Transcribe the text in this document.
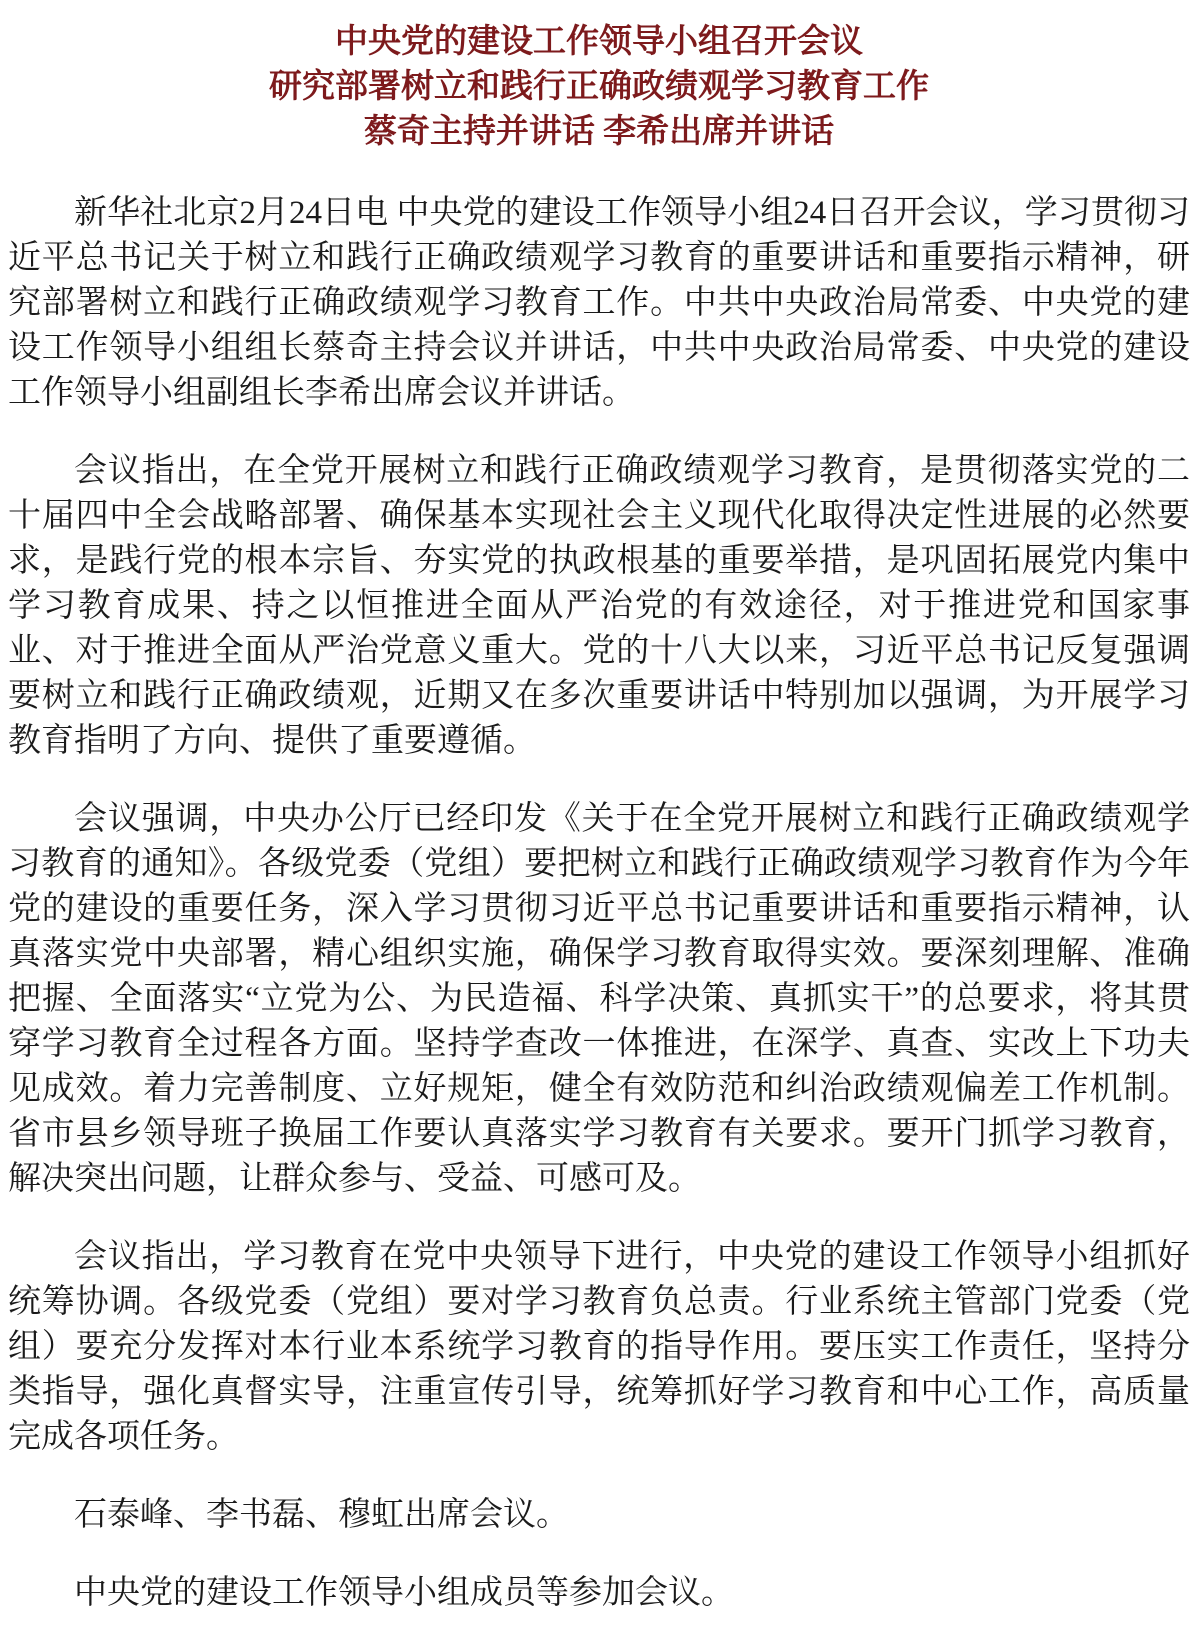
中央党的建设工作领导小组召开会议
研究部署树立和践行正确政绩观学习教育工作
蔡奇主持并讲话 李希出席并讲话

新华社北京2月24日电 中央党的建设工作领导小组24日召开会议，学习贯彻习近平总书记关于树立和践行正确政绩观学习教育的重要讲话和重要指示精神，研究部署树立和践行正确政绩观学习教育工作。中共中央政治局常委、中央党的建设工作领导小组组长蔡奇主持会议并讲话，中共中央政治局常委、中央党的建设工作领导小组副组长李希出席会议并讲话。

会议指出，在全党开展树立和践行正确政绩观学习教育，是贯彻落实党的二十届四中全会战略部署、确保基本实现社会主义现代化取得决定性进展的必然要求，是践行党的根本宗旨、夯实党的执政根基的重要举措，是巩固拓展党内集中学习教育成果、持之以恒推进全面从严治党的有效途径，对于推进党和国家事业、对于推进全面从严治党意义重大。党的十八大以来，习近平总书记反复强调要树立和践行正确政绩观，近期又在多次重要讲话中特别加以强调，为开展学习教育指明了方向、提供了重要遵循。

会议强调，中央办公厅已经印发《关于在全党开展树立和践行正确政绩观学习教育的通知》。各级党委（党组）要把树立和践行正确政绩观学习教育作为今年党的建设的重要任务，深入学习贯彻习近平总书记重要讲话和重要指示精神，认真落实党中央部署，精心组织实施，确保学习教育取得实效。要深刻理解、准确把握、全面落实“立党为公、为民造福、科学决策、真抓实干”的总要求，将其贯穿学习教育全过程各方面。坚持学查改一体推进，在深学、真查、实改上下功夫见成效。着力完善制度、立好规矩，健全有效防范和纠治政绩观偏差工作机制。省市县乡领导班子换届工作要认真落实学习教育有关要求。要开门抓学习教育，解决突出问题，让群众参与、受益、可感可及。

会议指出，学习教育在党中央领导下进行，中央党的建设工作领导小组抓好统筹协调。各级党委（党组）要对学习教育负总责。行业系统主管部门党委（党组）要充分发挥对本行业本系统学习教育的指导作用。要压实工作责任，坚持分类指导，强化真督实导，注重宣传引导，统筹抓好学习教育和中心工作，高质量完成各项任务。

石泰峰、李书磊、穆虹出席会议。

中央党的建设工作领导小组成员等参加会议。
